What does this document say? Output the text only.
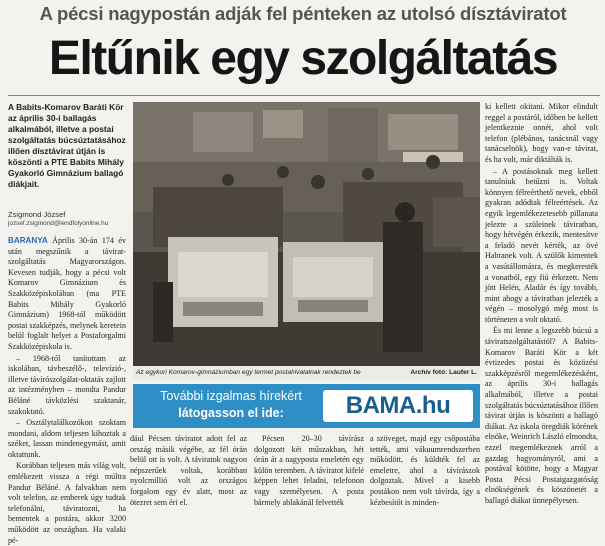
A pécsi nagypostán adják fel pénteken az utolsó dísztáviratot
Eltűnik egy szolgáltatás
A Babits-Komarov Baráti Kör az április 30-i ballagás alkalmából, illetve a postai szolgáltatás búcsúztatásához illően dísztávirat útján is köszönti a PTE Babits Mihály Gyakorló Gimnázium ballagó diákjait.
Zsigmond József
jozsef.zsigmond@lendfolyonline.hu

BARANYA Április 30-án 174 év után megszűnik a távirat-szolgáltatás Magyarországon. Kevesen tudják, hogy a pécsi volt Komarov Gimnázium és Szakközépiskolában (ma PTE Babits Mihály Gyakorló Gimnázium) 1968-tól működött postai szakképzés, melynek keretein belül foglalt helyet a Postaforgalmi Szakközépiskola is.

– 1968-tól tanítottam az iskolában, távbeszélő-, televízió-, illetve távírószolgálat-oktatás zajlott az intézményben – mondta Pandur Béláné távközlési szaktanár, szakoktató.

– Osztálytalálkozókon szoktam mondani, aldom teljesen kihoztak a széket, lassan mindenegymást, amit oktattunk.

Korábban teljesen más világ volt, emlékezett vissza a régi múltra Pandur Béláné. A falvakban nem volt telefon, az emberek úgy tudtak telefonálni, táviratozni, ha bementek a postára, akkor 3200 működött az országban. Ha valaki pé-

Az egykori Komarov-gimnáziumban egy termet postahivatalnak rendeztek be	Archív fotó: Laufer L.
További izgalmas hírekért
látogasson el ide:	BAMA.hu

dául Pécsen táviratot adott fel az ország másik végébe, az fél órán belül ott is volt. A táviratok nagyon népszerűek voltak, korábban nyolcmillió volt az országos forgalom egy év alatt, most az ötezret sem éri el.

Pécsen 20–30 távírász dolgozott két műszakban, hét órán át a nagyposta emeletén egy külön teremben. A táviratot kifelé képpen lehet feladni, telefonon vagy személyesen. A posta bármely ablakánál felvették

a szöveget, majd egy csőpostába tették, ami vákuumrendszerben működött, és küldték fel az emeletre, ahol a távírászok dolgoztak. Mivel a kisebb postákon nem volt távírda, így a kézbesítőt is minden-

ki kellett okitani. Mikor elindult reggel a postáról, időben be kellett jelentkeznie onnét, ahol volt telefon (plébános, tanácsnál vagy tanácselnök), hogy van-e távirat, és ha volt, már diktálták is.

– A postásoknak meg kellett tanulniuk betűzni is. Voltak könnyen félreérthető nevek, ebből gyakran adódtak félreértések. Az egyik legemlékezetesebb pillanata jelezte a szüleinek táviratban, hogy hétvégén érkezik, mentesítve a feladó nevét kérték, az övé Habranek volt. A szülők kimentek a vasútállomásra, és megkeresték a vonatból, egy fiú érkezett. Nem jött Helén, Aladár és így tovább, mint ahogy a táviratban jelezték a végén – mosolygó még most is történeten a volt oktató.

És mi lenne a legszebb búcsú a táviratszolgáltatástól? A Babits-Komarov Baráti Kör a két évtizedes postai és közözési szakképzésről megemlékezésként, az április 30-i ballagás alkalmából, illetve a postai szolgáltatás búcsúztatásához illően távirat útján is köszönti a ballagó diákat. Az iskola öregdiák körének elnöke, Weinrich László elmondta, ezzel megemlékeznek arról a gazdag hagyományról, ami a postával kötötte, hogy a Magyar Posta Pécsi Postaigazgatóság elnökségének és köszönetét a ballagó diákat ünnepélyesen.
